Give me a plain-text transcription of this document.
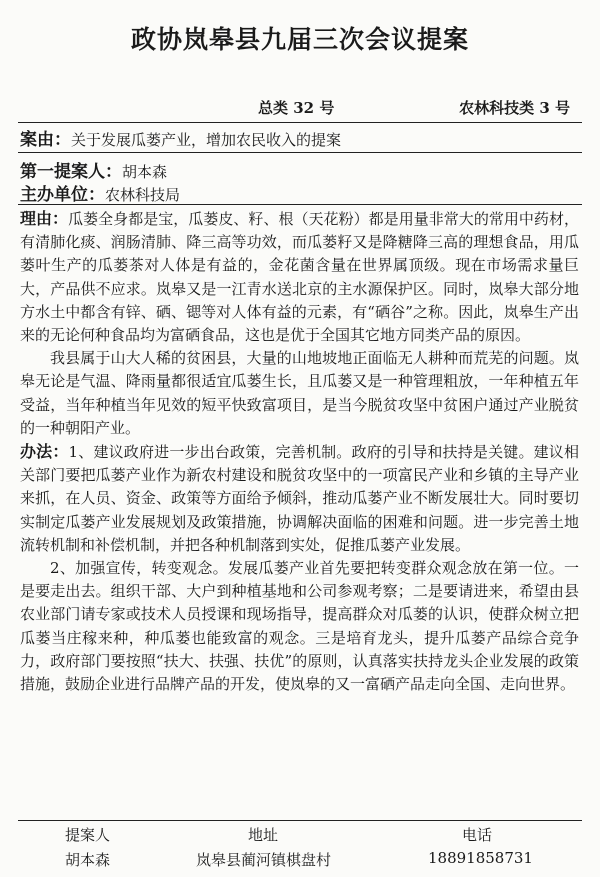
政协岚皋县九届三次会议提案
总类 32 号	农林科技类 3 号
案由：关于发展瓜蒌产业，增加农民收入的提案
第一提案人：胡本森
主办单位：农林科技局

理由：瓜蒌全身都是宝，瓜蒌皮、籽、根（天花粉）都是用量非常大的常用中药材，有清肺化痰、润肠清肺、降三高等功效，而瓜蒌籽又是降糖降三高的理想食品，用瓜蒌叶生产的瓜蒌茶对人体是有益的，金花菌含量在世界属顶级。现在市场需求量巨大，产品供不应求。岚皋又是一江青水送北京的主水源保护区。同时，岚皋大部分地方水土中都含有锌、硒、锶等对人体有益的元素，有“硒谷”之称。因此，岚皋生产出来的无论何种食品均为富硒食品，这也是优于全国其它地方同类产品的原因。

我县属于山大人稀的贫困县，大量的山地坡地正面临无人耕种而荒芜的问题。岚皋无论是气温、降雨量都很适宜瓜蒌生长，且瓜蒌又是一种管理粗放，一年种植五年受益，当年种植当年见效的短平快致富项目，是当今脱贫攻坚中贫困户通过产业脱贫的一种朝阳产业。

办法：1、建议政府进一步出台政策，完善机制。政府的引导和扶持是关键。建议相关部门要把瓜蒌产业作为新农村建设和脱贫攻坚中的一项富民产业和乡镇的主导产业来抓，在人员、资金、政策等方面给予倾斜，推动瓜蒌产业不断发展壮大。同时要切实制定瓜蒌产业发展规划及政策措施，协调解决面临的困难和问题。进一步完善土地流转机制和补偿机制，并把各种机制落到实处，促推瓜蒌产业发展。

2、加强宣传，转变观念。发展瓜蒌产业首先要把转变群众观念放在第一位。一是要走出去。组织干部、大户到种植基地和公司参观考察；二是要请进来，希望由县农业部门请专家或技术人员授课和现场指导，提高群众对瓜蒌的认识，使群众树立把瓜蒌当庄稼来种，种瓜蒌也能致富的观念。三是培育龙头，提升瓜蒌产品综合竞争力，政府部门要按照“扶大、扶强、扶优”的原则，认真落实扶持龙头企业发展的政策措施，鼓励企业进行品牌产品的开发，使岚皋的又一富硒产品走向全国、走向世界。

提案人	地址	电话
胡本森	岚皋县蔺河镇棋盘村	18891858731
